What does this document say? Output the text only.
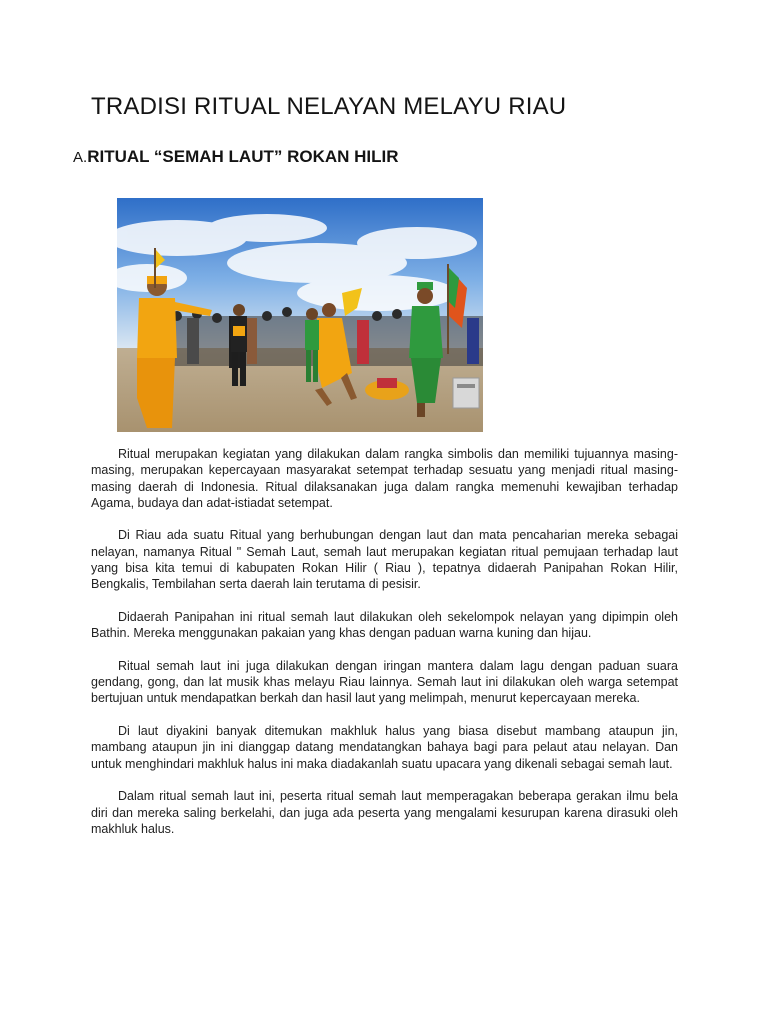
TRADISI RITUAL NELAYAN MELAYU RIAU
A.RITUAL “SEMAH LAUT” ROKAN HILIR

Ritual merupakan kegiatan yang dilakukan dalam rangka simbolis dan memiliki tujuannya masing-masing, merupakan kepercayaan masyarakat setempat terhadap sesuatu yang menjadi ritual masing-masing daerah di Indonesia. Ritual dilaksanakan juga dalam rangka memenuhi kewajiban terhadap Agama, budaya dan adat-istiadat setempat.

Di Riau ada suatu Ritual yang berhubungan dengan laut dan mata pencaharian mereka sebagai nelayan, namanya Ritual " Semah Laut, semah laut merupakan kegiatan ritual pemujaan terhadap laut yang bisa kita temui di kabupaten Rokan Hilir ( Riau ), tepatnya didaerah Panipahan Rokan Hilir, Bengkalis, Tembilahan serta daerah lain terutama di pesisir.

Didaerah Panipahan ini ritual semah laut dilakukan oleh sekelompok nelayan yang dipimpin oleh Bathin. Mereka menggunakan pakaian yang khas dengan paduan warna kuning dan hijau.

Ritual semah laut ini juga dilakukan dengan iringan mantera dalam lagu dengan paduan suara gendang, gong, dan lat musik khas melayu Riau lainnya. Semah laut ini dilakukan oleh warga setempat bertujuan untuk mendapatkan berkah dan hasil laut yang melimpah, menurut kepercayaan mereka.

Di laut diyakini banyak ditemukan makhluk halus yang biasa disebut mambang ataupun jin, mambang ataupun jin ini dianggap datang mendatangkan bahaya bagi para pelaut atau nelayan. Dan untuk menghindari makhluk halus ini maka diadakanlah suatu upacara yang dikenali sebagai semah laut.

Dalam ritual semah laut ini, peserta ritual semah laut memperagakan beberapa gerakan ilmu bela diri dan mereka saling berkelahi, dan juga ada peserta yang mengalami kesurupan karena dirasuki oleh makhluk halus.
